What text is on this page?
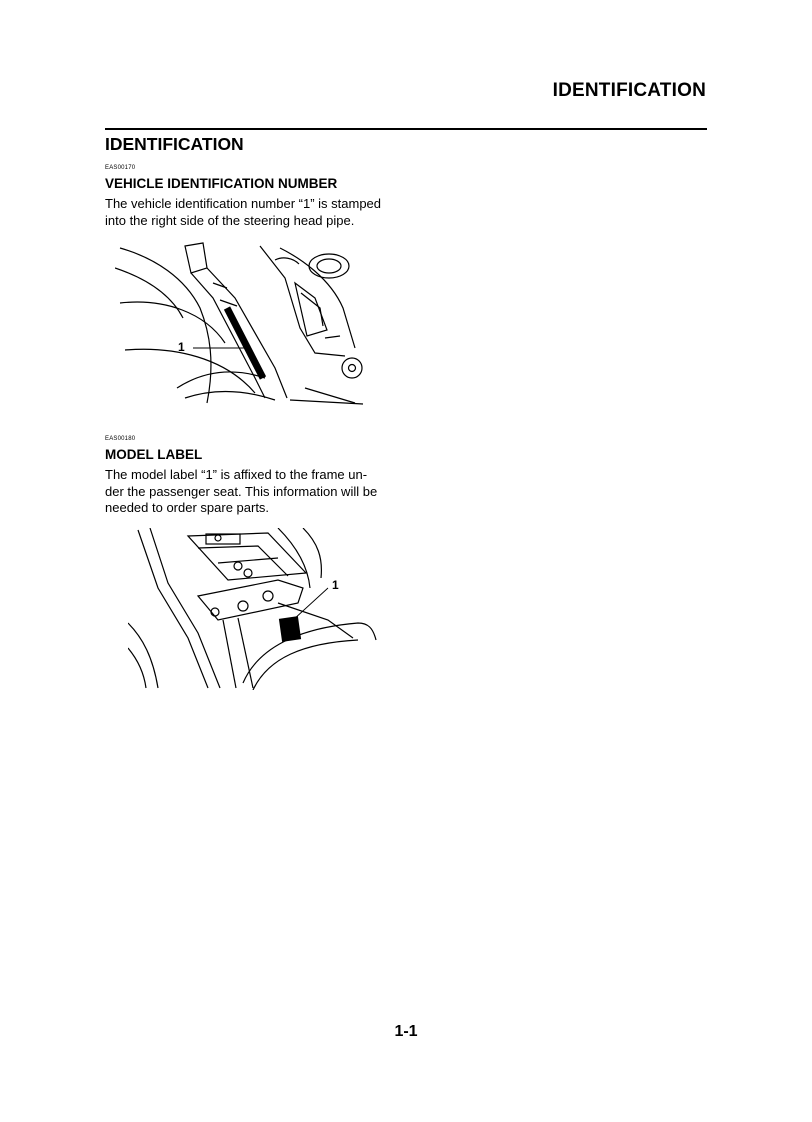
IDENTIFICATION
IDENTIFICATION
EAS00170
VEHICLE IDENTIFICATION NUMBER

The vehicle identification number “1” is stamped
into the right side of the steering head pipe.

1
EAS00180
MODEL LABEL

The model label “1” is affixed to the frame un-
der the passenger seat. This information will be
needed to order spare parts.

1
1-1
